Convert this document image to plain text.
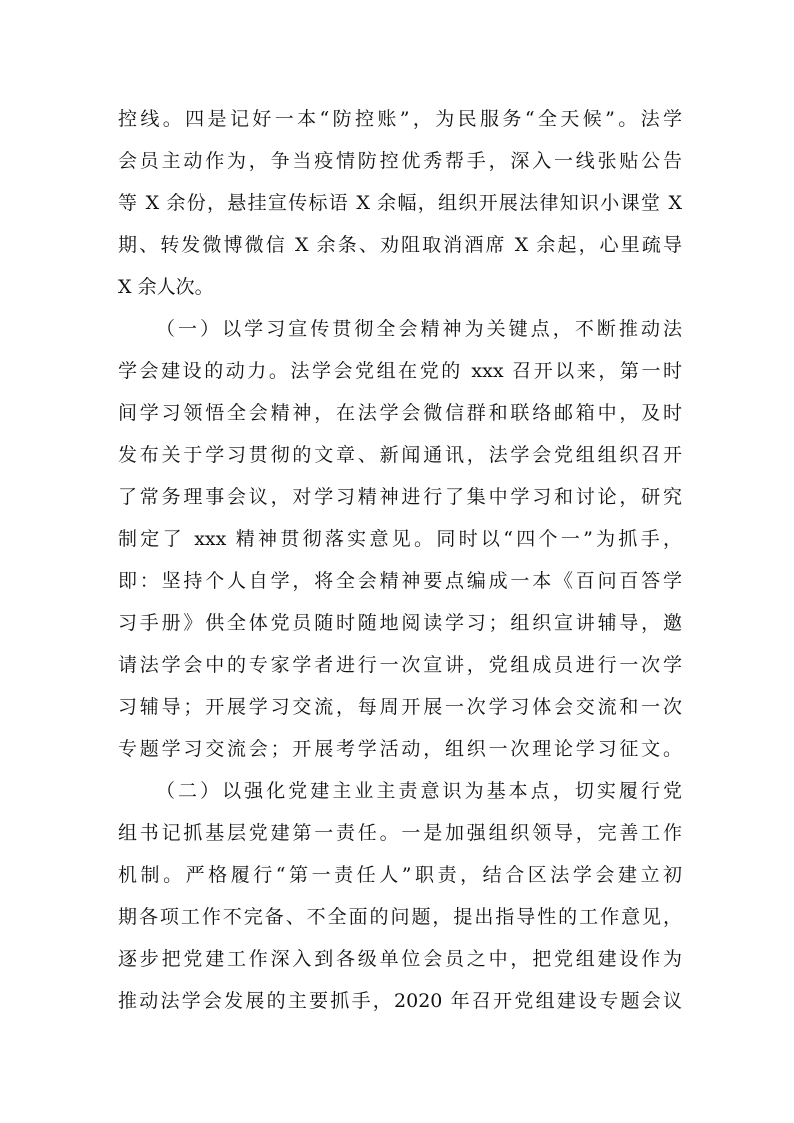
控线。四是记好一本“防控账”，为民服务“全天候”。法学
会员主动作为，争当疫情防控优秀帮手，深入一线张贴公告
等 X 余份，悬挂宣传标语 X 余幅，组织开展法律知识小课堂 X
期、转发微博微信 X 余条、劝阻取消酒席 X 余起，心里疏导
X 余人次。
（一）以学习宣传贯彻全会精神为关键点，不断推动法
学会建设的动力。法学会党组在党的 xxx 召开以来，第一时
间学习领悟全会精神，在法学会微信群和联络邮箱中，及时
发布关于学习贯彻的文章、新闻通讯，法学会党组组织召开
了常务理事会议，对学习精神进行了集中学习和讨论，研究
制定了 xxx 精神贯彻落实意见。同时以“四个一”为抓手，
即：坚持个人自学，将全会精神要点编成一本《百问百答学
习手册》供全体党员随时随地阅读学习；组织宣讲辅导，邀
请法学会中的专家学者进行一次宣讲，党组成员进行一次学
习辅导；开展学习交流，每周开展一次学习体会交流和一次
专题学习交流会；开展考学活动，组织一次理论学习征文。
（二）以强化党建主业主责意识为基本点，切实履行党
组书记抓基层党建第一责任。一是加强组织领导，完善工作
机制。严格履行“第一责任人”职责，结合区法学会建立初
期各项工作不完备、不全面的问题，提出指导性的工作意见，
逐步把党建工作深入到各级单位会员之中，把党组建设作为
推动法学会发展的主要抓手，2020 年召开党组建设专题会议
